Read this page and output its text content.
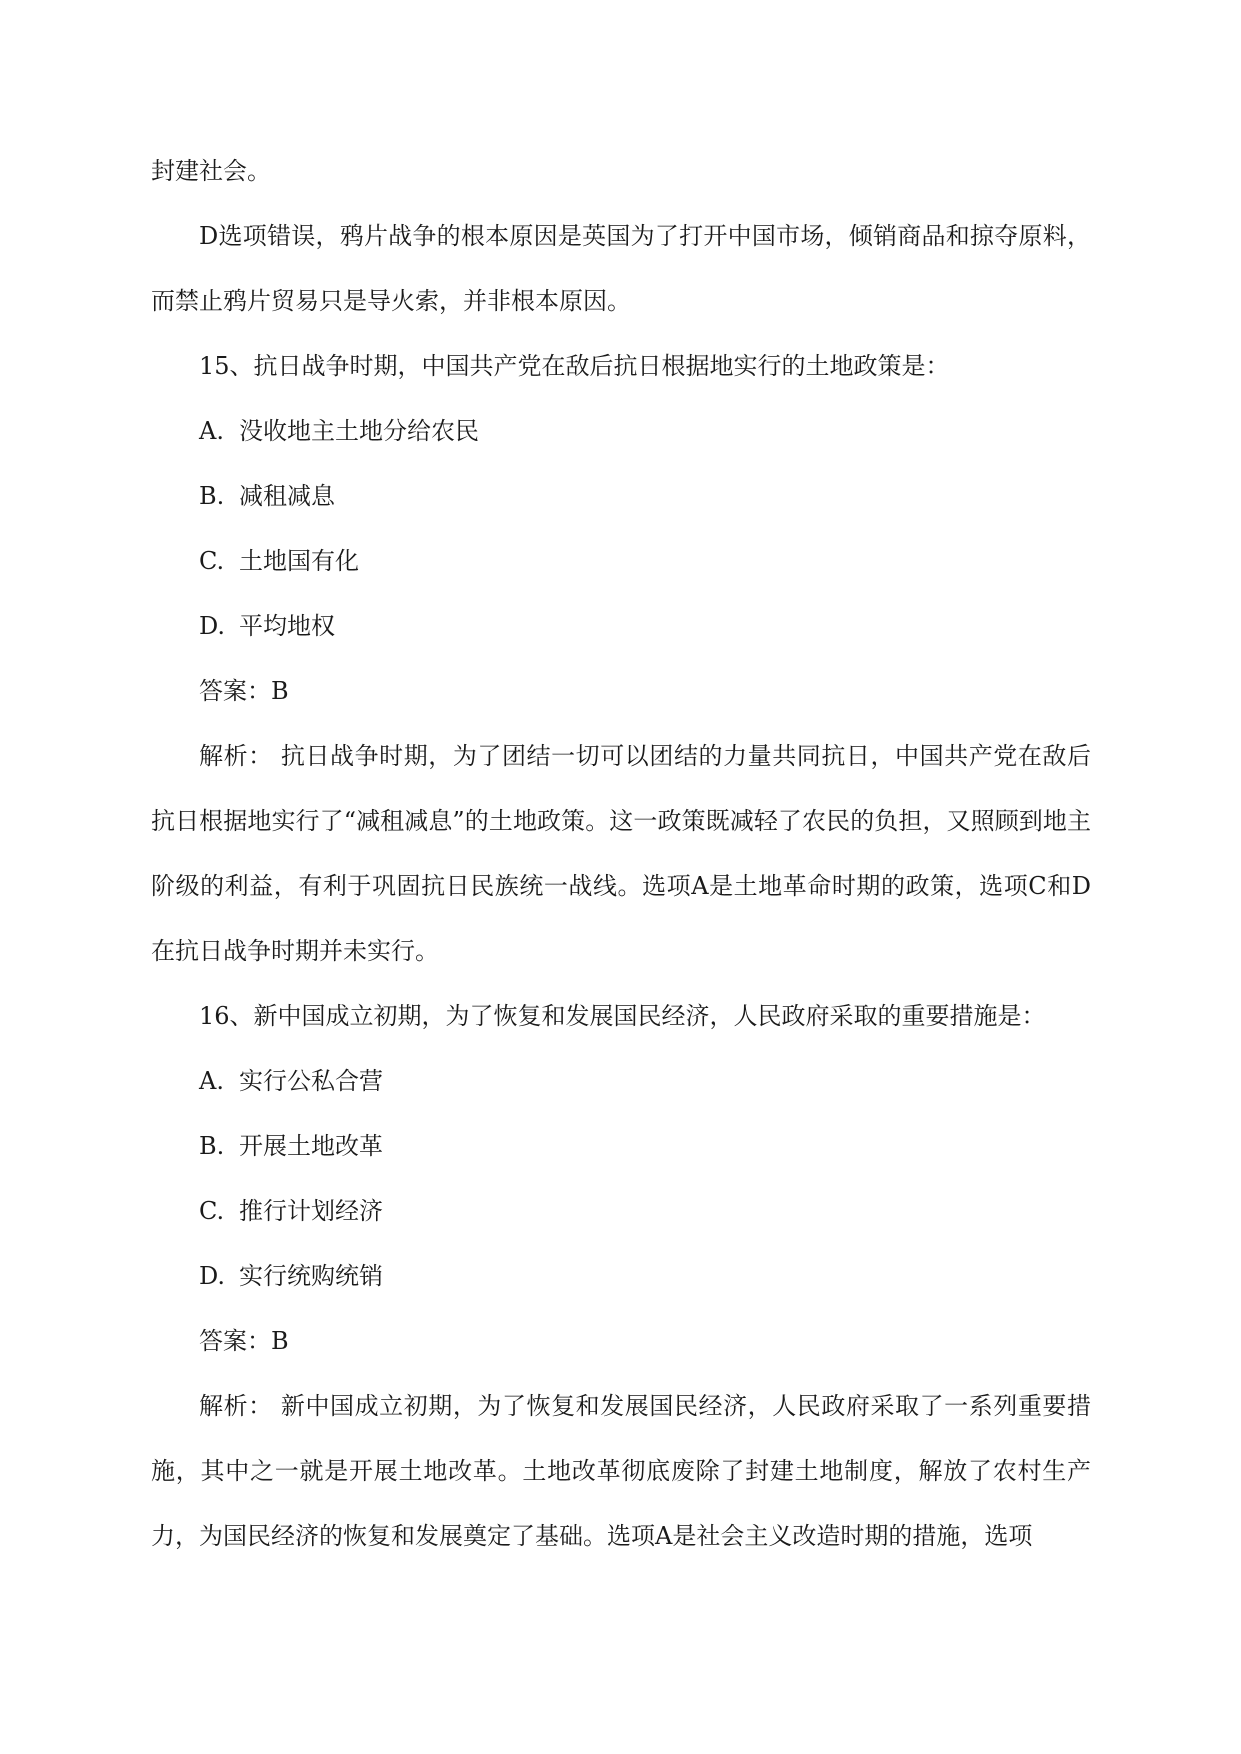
封建社会。

D选项错误，鸦片战争的根本原因是英国为了打开中国市场，倾销商品和掠夺原料，而禁止鸦片贸易只是导火索，并非根本原因。

15、抗日战争时期，中国共产党在敌后抗日根据地实行的土地政策是：

A. 没收地主土地分给农民

B. 减租减息

C. 土地国有化

D. 平均地权

答案：B

解析： 抗日战争时期，为了团结一切可以团结的力量共同抗日，中国共产党在敌后抗日根据地实行了“减租减息”的土地政策。这一政策既减轻了农民的负担，又照顾到地主阶级的利益，有利于巩固抗日民族统一战线。选项A是土地革命时期的政策，选项C和D在抗日战争时期并未实行。

16、新中国成立初期，为了恢复和发展国民经济，人民政府采取的重要措施是：

A. 实行公私合营

B. 开展土地改革

C. 推行计划经济

D. 实行统购统销

答案：B

解析： 新中国成立初期，为了恢复和发展国民经济，人民政府采取了一系列重要措施，其中之一就是开展土地改革。土地改革彻底废除了封建土地制度，解放了农村生产力，为国民经济的恢复和发展奠定了基础。选项A是社会主义改造时期的措施，选项
